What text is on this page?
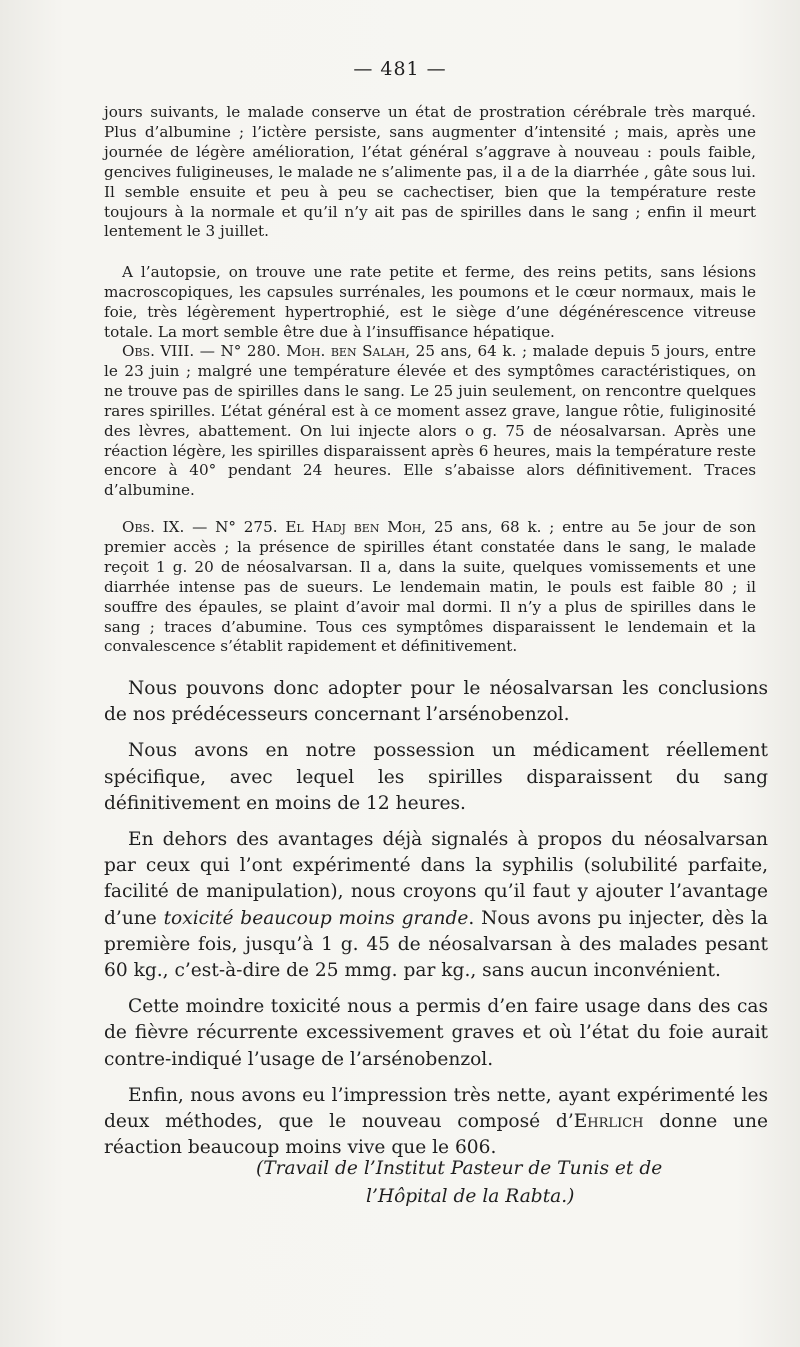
— 481 —

jours suivants, le malade conserve un état de prostration cérébrale très marqué. Plus d’albumine ; l’ictère persiste, sans augmenter d’intensité ; mais, après une journée de légère amélioration, l’état général s’aggrave à nouveau : pouls faible, gencives fuligineuses, le malade ne s’alimente pas, il a de la diarrhée , gâte sous lui. Il semble ensuite et peu à peu se cachectiser, bien que la température reste toujours à la normale et qu’il n’y ait pas de spirilles dans le sang ; enfin il meurt lentement le 3 juillet.

A l’autopsie, on trouve une rate petite et ferme, des reins petits, sans lésions macroscopiques, les capsules surrénales, les poumons et le cœur normaux, mais le foie, très légèrement hypertrophié, est le siège d’une dégénérescence vitreuse totale. La mort semble être due à l’insuffisance hépatique.

Obs. VIII. — N° 280. Moh. ben Salah, 25 ans, 64 k. ; malade depuis 5 jours, entre le 23 juin ; malgré une température élevée et des symptômes caractéristiques, on ne trouve pas de spirilles dans le sang. Le 25 juin seulement, on rencontre quelques rares spirilles. L’état général est à ce moment assez grave, langue rôtie, fuliginosité des lèvres, abattement. On lui injecte alors o g. 75 de néosalvarsan. Après une réaction légère, les spirilles disparaissent après 6 heures, mais la température reste encore à 40° pendant 24 heures. Elle s’abaisse alors définitivement. Traces d’albumine.

Obs. IX. — N° 275. El Hadj ben Moh, 25 ans, 68 k. ; entre au 5e jour de son premier accès ; la présence de spirilles étant constatée dans le sang, le malade reçoit 1 g. 20 de néosalvarsan. Il a, dans la suite, quelques vomissements et une diarrhée intense pas de sueurs. Le lendemain matin, le pouls est faible 80 ; il souffre des épaules, se plaint d’avoir mal dormi. Il n’y a plus de spirilles dans le sang ; traces d’abumine. Tous ces symptômes disparaissent le lendemain et la convalescence s’établit rapidement et définitivement.

Nous pouvons donc adopter pour le néosalvarsan les conclusions de nos prédécesseurs concernant l’arsénobenzol.

Nous avons en notre possession un médicament réellement spécifique, avec lequel les spirilles disparaissent du sang définitivement en moins de 12 heures.

En dehors des avantages déjà signalés à propos du néosalvarsan par ceux qui l’ont expérimenté dans la syphilis (solubilité parfaite, facilité de manipulation), nous croyons qu’il faut y ajouter l’avantage d’une toxicité beaucoup moins grande. Nous avons pu injecter, dès la première fois, jusqu’à 1 g. 45 de néosalvarsan à des malades pesant 60 kg., c’est-à-dire de 25 mmg. par kg., sans aucun inconvénient.

Cette moindre toxicité nous a permis d’en faire usage dans des cas de fièvre récurrente excessivement graves et où l’état du foie aurait contre-indiqué l’usage de l’arsénobenzol.

Enfin, nous avons eu l’impression très nette, ayant expérimenté les deux méthodes, que le nouveau composé d’Ehrlich donne une réaction beaucoup moins vive que le 606.

(Travail de l’Institut Pasteur de Tunis et de
l’Hôpital de la Rabta.)
